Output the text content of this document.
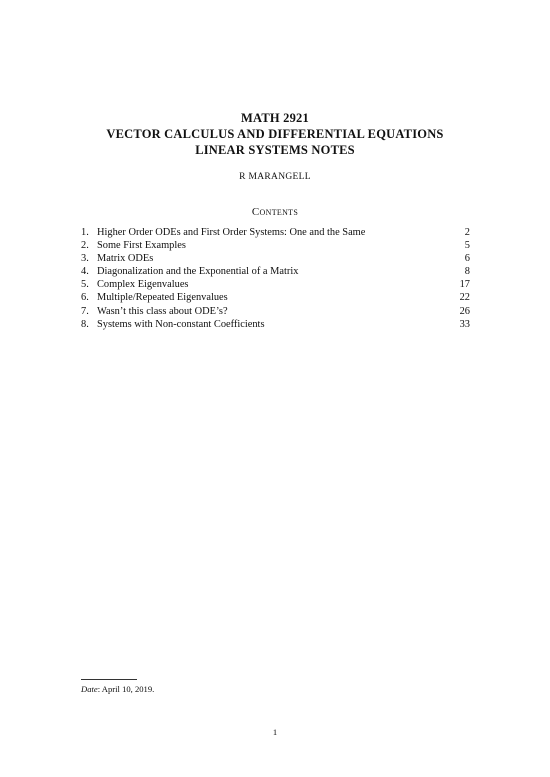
MATH 2921
VECTOR CALCULUS AND DIFFERENTIAL EQUATIONS
LINEAR SYSTEMS NOTES
R MARANGELL
Contents
1. Higher Order ODEs and First Order Systems: One and the Same	2
2. Some First Examples	5
3. Matrix ODEs	6
4. Diagonalization and the Exponential of a Matrix	8
5. Complex Eigenvalues	17
6. Multiple/Repeated Eigenvalues	22
7. Wasn’t this class about ODE’s?	26
8. Systems with Non-constant Coefficients	33
Date: April 10, 2019.
1
